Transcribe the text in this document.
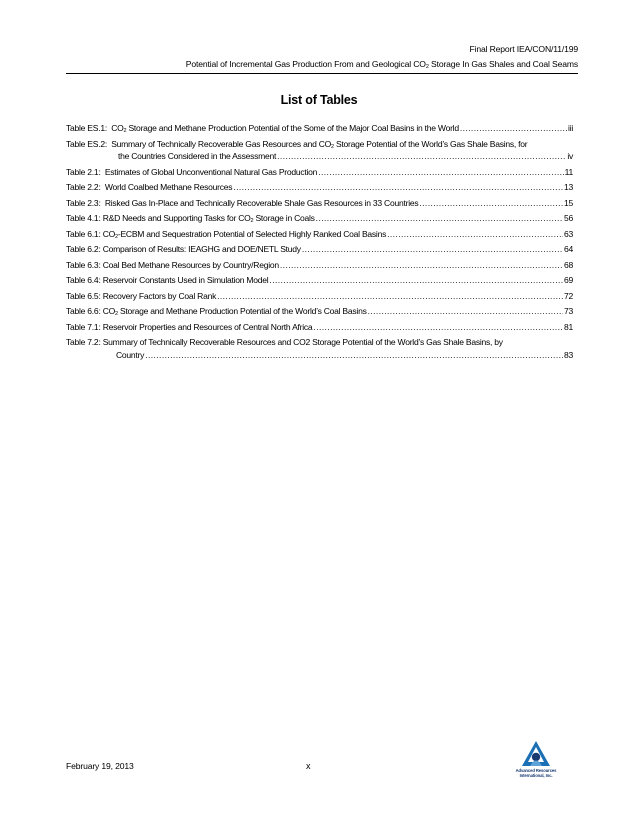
Final Report IEA/CON/11/199
Potential of Incremental Gas Production From and Geological $CO_2$ Storage In Gas Shales and Coal Seams
List of Tables
Table ES.1: $CO_2$ Storage and Methane Production Potential of the Some of the Major Coal Basins in the World .....	iii
Table ES.2: Summary of Technically Recoverable Gas Resources and $CO_2$ Storage Potential of the World’s Gas Shale Basins, for
the Countries Considered in the Assessment .....	iv
Table 2.1: Estimates of Global Unconventional Natural Gas Production .....	11
Table 2.2: World Coalbed Methane Resources .....	13
Table 2.3: Risked Gas In-Place and Technically Recoverable Shale Gas Resources in 33 Countries .....	15
Table 4.1: R&D Needs and Supporting Tasks for $CO_2$ Storage in Coals .....	56
Table 6.1: $CO_2$-ECBM and Sequestration Potential of Selected Highly Ranked Coal Basins .....	63
Table 6.2: Comparison of Results: IEAGHG and DOE/NETL Study .....	64
Table 6.3: Coal Bed Methane Resources by Country/Region .....	68
Table 6.4: Reservoir Constants Used in Simulation Model .....	69
Table 6.5: Recovery Factors by Coal Rank .....	72
Table 6.6: $CO_2$ Storage and Methane Production Potential of the World’s Coal Basins .....	73
Table 7.1: Reservoir Properties and Resources of Central North Africa .....	81
Table 7.2: Summary of Technically Recoverable Resources and CO2 Storage Potential of the World’s Gas Shale Basins, by
Country .....	83
February 19, 2013	x	Advanced Resources
International, Inc.
